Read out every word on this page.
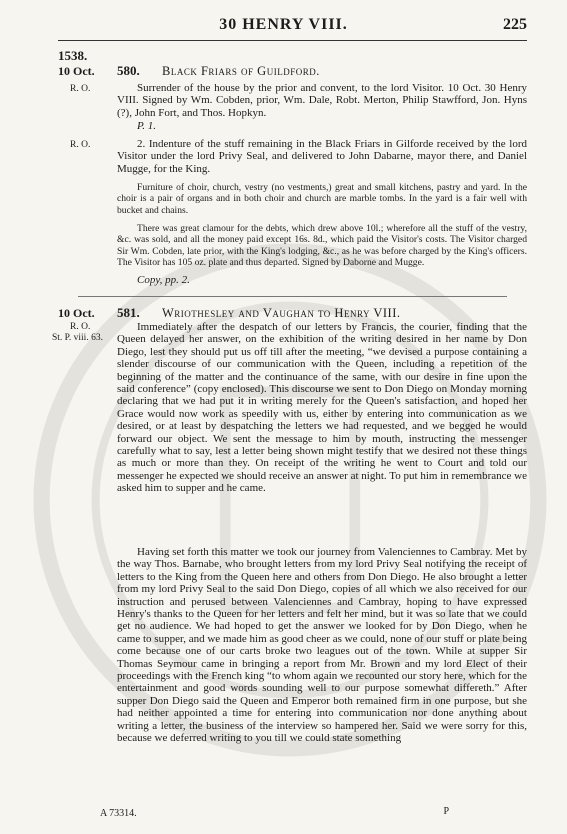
30 HENRY VIII.	225
1538.
10 Oct.	580. Black Friars of Guildford.
R. O.	Surrender of the house by the prior and convent, to the lord Visitor. 10 Oct. 30 Henry VIII. Signed by Wm. Cobden, prior, Wm. Dale, Robt. Merton, Philip Stawfford, Jon. Hyns (?), John Fort, and Thos. Hopkyn.
P. 1.
R. O.	2. Indenture of the stuff remaining in the Black Friars in Gilforde received by the lord Visitor under the lord Privy Seal, and delivered to John Dabarne, mayor there, and Daniel Mugge, for the King.
Furniture of choir, church, vestry (no vestments,) great and small kitchens, pastry and yard. In the choir is a pair of organs and in both choir and church are marble tombs. In the yard is a fair well with bucket and chains.
There was great clamour for the debts, which drew above 10l.; wherefore all the stuff of the vestry, &c. was sold, and all the money paid except 16s. 8d., which paid the Visitor's costs. The Visitor charged Sir Wm. Cobden, late prior, with the King's lodging, &c., as he was before charged by the King's officers. The Visitor has 105 oz. plate and thus departed. Signed by Daborne and Mugge.
Copy, pp. 2.
10 Oct.	581. Wriothesley and Vaughan to Henry VIII.
R. O.
St. P. viii. 63.
Immediately after the despatch of our letters by Francis, the courier, finding that the Queen delayed her answer, on the exhibition of the writing desired in her name by Don Diego, lest they should put us off till after the meeting, “we devised a purpose containing a slender discourse of our communication with the Queen, including a repetition of the beginning of the matter and the continuance of the same, with our desire in fine upon the said conference” (copy enclosed). This discourse we sent to Don Diego on Monday morning declaring that we had put it in writing merely for the Queen's satisfaction, and hoped her Grace would now work as speedily with us, either by entering into communication as we desired, or at least by despatching the letters we had requested, and we begged he would forward our object. We sent the message to him by mouth, instructing the messenger carefully what to say, lest a letter being shown might testify that we desired not these things as much or more than they. On receipt of the writing he went to Court and told our messenger he expected we should receive an answer at night. To put him in remembrance we asked him to supper and he came.
Having set forth this matter we took our journey from Valenciennes to Cambray. Met by the way Thos. Barnabe, who brought letters from my lord Privy Seal notifying the receipt of letters to the King from the Queen here and others from Don Diego. He also brought a letter from my lord Privy Seal to the said Don Diego, copies of all which we also received for our instruction and perused between Valenciennes and Cambray, hoping to have expressed Henry's thanks to the Queen for her letters and felt her mind, but it was so late that we could get no audience. We had hoped to get the answer we looked for by Don Diego, when he came to supper, and we made him as good cheer as we could, none of our stuff or plate being come because one of our carts broke two leagues out of the town. While at supper Sir Thomas Seymour came in bringing a report from Mr. Brown and my lord Elect of their proceedings with the French king “to whom again we recounted our story here, which for the entertainment and good words sounding well to our purpose somewhat differeth.” After supper Don Diego said the Queen and Emperor both remained firm in one purpose, but she had neither appointed a time for entering into communication nor done anything about writing a letter, the business of the interview so hampered her. Said we were sorry for this, because we deferred writing to you till we could state something
A 73314.	P
